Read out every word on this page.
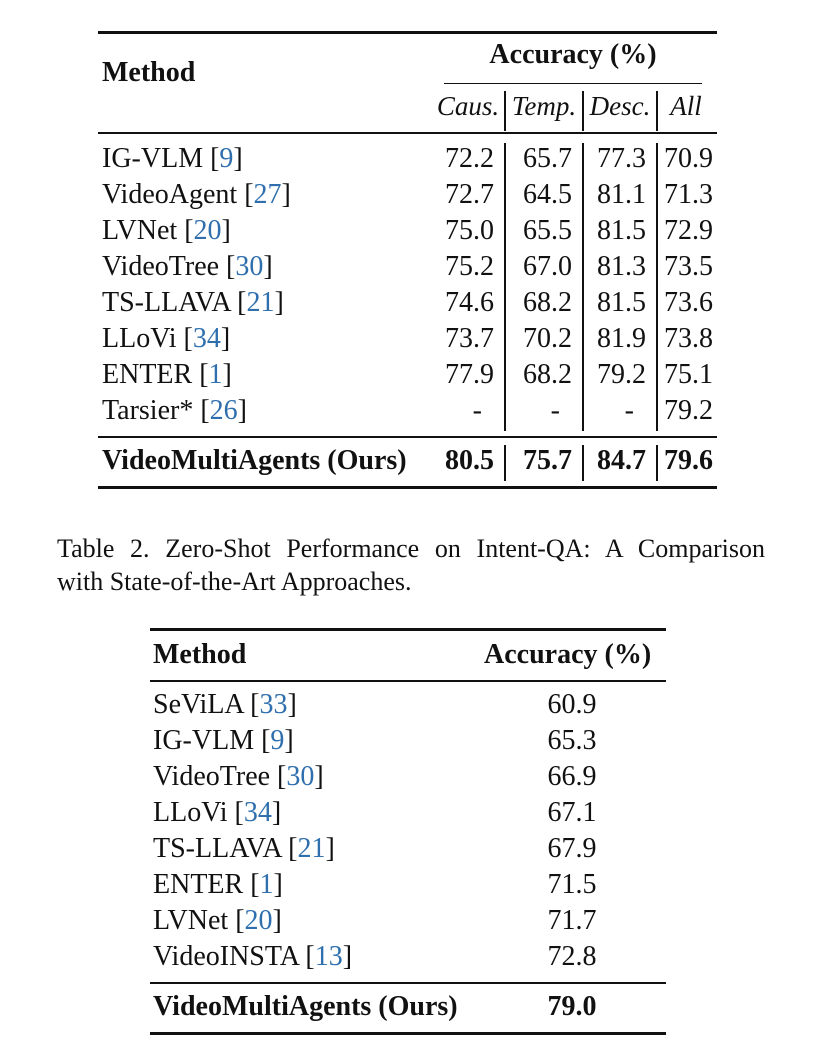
Method
Accuracy (%)
Caus. Temp. Desc. All
IG-VLM [9]	72.2	65.7 77.3 70.9
VideoAgent [27]	72.7	64.5 81.1 71.3
LVNet [20]	75.0	65.5 81.5 72.9
VideoTree [30]	75.2	67.0 81.3 73.5
TS-LLAVA [21]	74.6	68.2 81.5 73.6
LLoVi [34]	73.7	70.2 81.9 73.8
ENTER [1]	77.9	68.2 79.2 75.1
Tarsier* [26]	-	-	- 79.2
VideoMultiAgents (Ours)	80.5	75.7 84.7 79.6
Table 2. Zero-Shot Performance on Intent-QA: A Comparison
with State-of-the-Art Approaches.
Method	Accuracy (%)
SeViLA [33]	60.9
IG-VLM [9]	65.3
VideoTree [30]	66.9
LLoVi [34]	67.1
TS-LLAVA [21]	67.9
ENTER [1]	71.5
LVNet [20]	71.7
VideoINSTA [13]	72.8
VideoMultiAgents (Ours)	79.0
